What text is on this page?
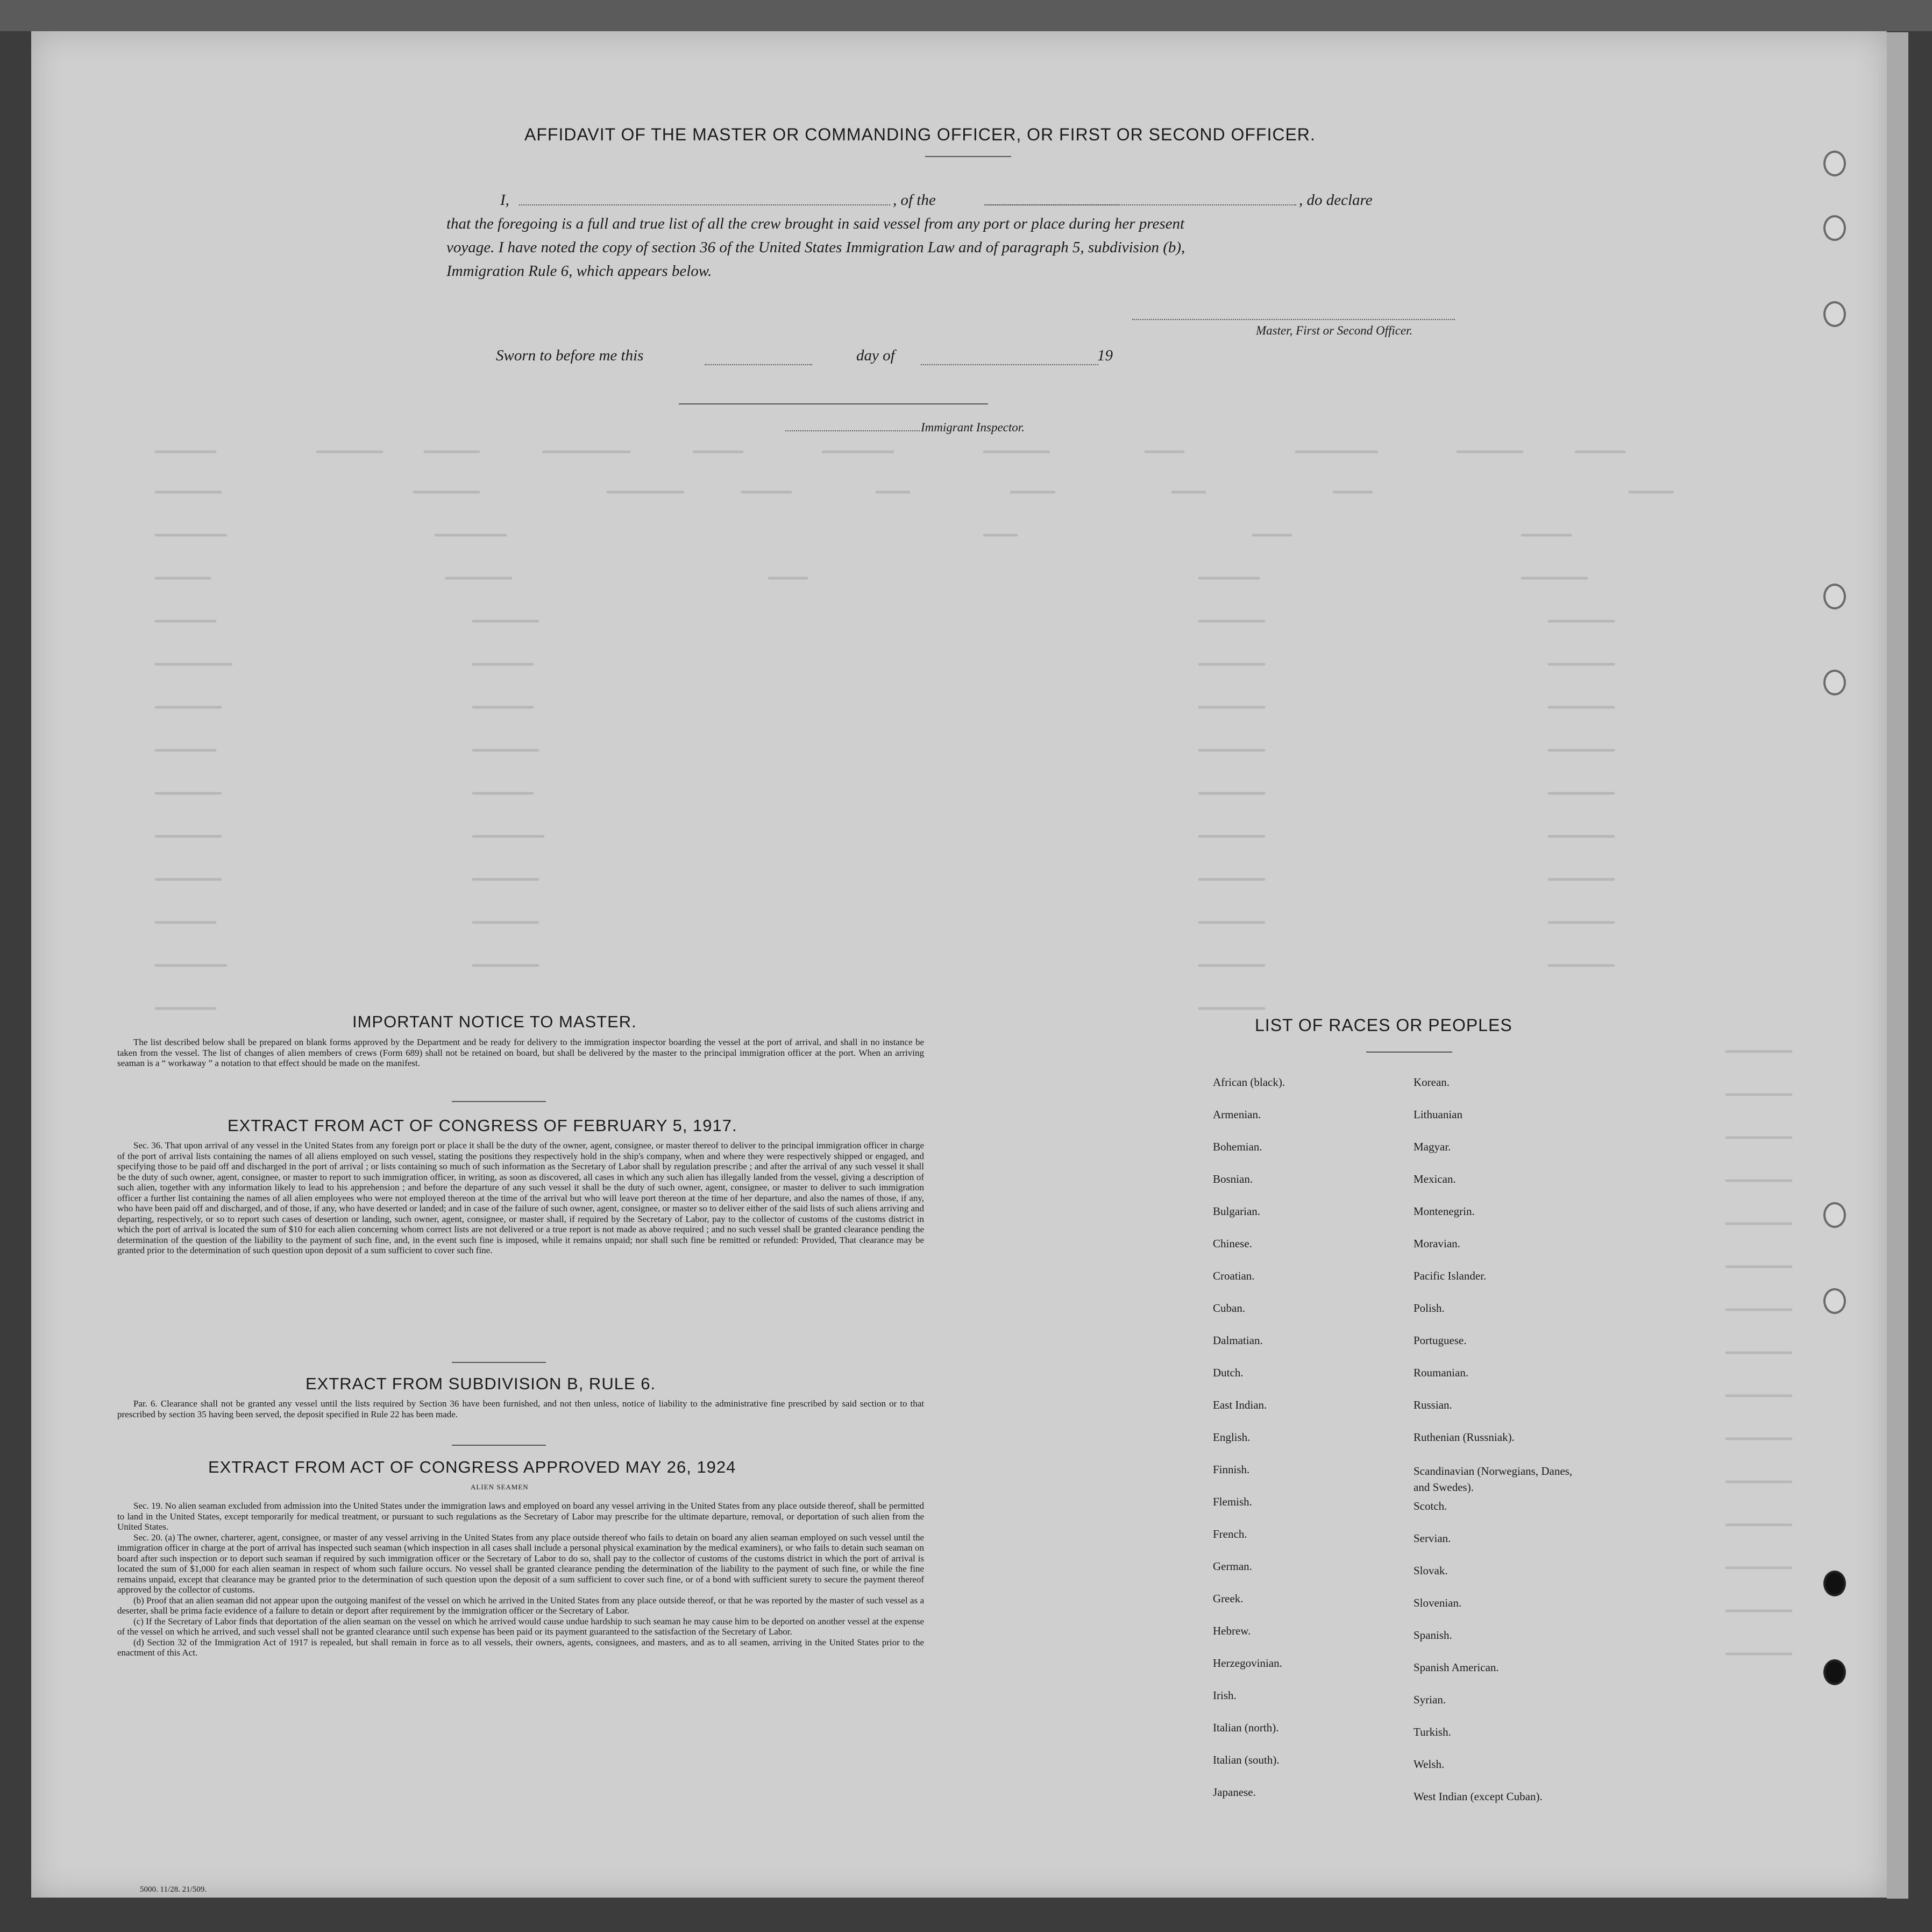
AFFIDAVIT OF THE MASTER OR COMMANDING OFFICER, OR FIRST OR SECOND OFFICER.

I,	, of the	, do declare

that the foregoing is a full and true list of all the crew brought in said vessel from any port or place during her present

voyage. I have noted the copy of section 36 of the United States Immigration Law and of paragraph 5, subdivision (b),

Immigration Rule 6, which appears below.

Master, First or Second Officer.
Sworn to before me this	day of	19
Immigrant Inspector.
IMPORTANT NOTICE TO MASTER.

The list described below shall be prepared on blank forms approved by the Department and be ready for delivery to the immigration inspector boarding the vessel at the port of arrival, and shall in no instance be taken from the vessel. The list of changes of alien members of crews (Form 689) shall not be retained on board, but shall be delivered by the master to the principal immigration officer at the port. When an arriving seaman is a “ workaway ” a notation to that effect should be made on the manifest.

EXTRACT FROM ACT OF CONGRESS OF FEBRUARY 5, 1917.

Sec. 36. That upon arrival of any vessel in the United States from any foreign port or place it shall be the duty of the owner, agent, consignee, or master thereof to deliver to the principal immigration officer in charge of the port of arrival lists containing the names of all aliens employed on such vessel, stating the positions they respectively hold in the ship's company, when and where they were respectively shipped or engaged, and specifying those to be paid off and discharged in the port of arrival ; or lists containing so much of such information as the Secretary of Labor shall by regulation prescribe ; and after the arrival of any such vessel it shall be the duty of such owner, agent, consignee, or master to report to such immigration officer, in writing, as soon as discovered, all cases in which any such alien has illegally landed from the vessel, giving a description of such alien, together with any information likely to lead to his apprehension ; and before the departure of any such vessel it shall be the duty of such owner, agent, consignee, or master to deliver to such immigration officer a further list containing the names of all alien employees who were not employed thereon at the time of the arrival but who will leave port thereon at the time of her departure, and also the names of those, if any, who have been paid off and discharged, and of those, if any, who have deserted or landed; and in case of the failure of such owner, agent, consignee, or master so to deliver either of the said lists of such aliens arriving and departing, respectively, or so to report such cases of desertion or landing, such owner, agent, consignee, or master shall, if required by the Secretary of Labor, pay to the collector of customs of the customs district in which the port of arrival is located the sum of $10 for each alien concerning whom correct lists are not delivered or a true report is not made as above required ; and no such vessel shall be granted clearance pending the determination of the question of the liability to the payment of such fine, and, in the event such fine is imposed, while it remains unpaid; nor shall such fine be remitted or refunded: Provided, That clearance may be granted prior to the determination of such question upon deposit of a sum sufficient to cover such fine.

EXTRACT FROM SUBDIVISION B, RULE 6.

Par. 6. Clearance shall not be granted any vessel until the lists required by Section 36 have been furnished, and not then unless, notice of liability to the administrative fine prescribed by said section or to that prescribed by section 35 having been served, the deposit specified in Rule 22 has been made.

EXTRACT FROM ACT OF CONGRESS APPROVED MAY 26, 1924
ALIEN SEAMEN

Sec. 19. No alien seaman excluded from admission into the United States under the immigration laws and employed on board any vessel arriving in the United States from any place outside thereof, shall be permitted to land in the United States, except temporarily for medical treatment, or pursuant to such regulations as the Secretary of Labor may prescribe for the ultimate departure, removal, or deportation of such alien from the United States.

Sec. 20. (a) The owner, charterer, agent, consignee, or master of any vessel arriving in the United States from any place outside thereof who fails to detain on board any alien seaman employed on such vessel until the immigration officer in charge at the port of arrival has inspected such seaman (which inspection in all cases shall include a personal physical examination by the medical examiners), or who fails to detain such seaman on board after such inspection or to deport such seaman if required by such immigration officer or the Secretary of Labor to do so, shall pay to the collector of customs of the customs district in which the port of arrival is located the sum of $1,000 for each alien seaman in respect of whom such failure occurs. No vessel shall be granted clearance pending the determination of the liability to the payment of such fine, or while the fine remains unpaid, except that clearance may be granted prior to the determination of such question upon the deposit of a sum sufficient to cover such fine, or of a bond with sufficient surety to secure the payment thereof approved by the collector of customs.

(b) Proof that an alien seaman did not appear upon the outgoing manifest of the vessel on which he arrived in the United States from any place outside thereof, or that he was reported by the master of such vessel as a deserter, shall be prima facie evidence of a failure to detain or deport after requirement by the immigration officer or the Secretary of Labor.

(c) If the Secretary of Labor finds that deportation of the alien seaman on the vessel on which he arrived would cause undue hardship to such seaman he may cause him to be deported on another vessel at the expense of the vessel on which he arrived, and such vessel shall not be granted clearance until such expense has been paid or its payment guaranteed to the satisfaction of the Secretary of Labor.

(d) Section 32 of the Immigration Act of 1917 is repealed, but shall remain in force as to all vessels, their owners, agents, consignees, and masters, and as to all seamen, arriving in the United States prior to the enactment of this Act.

LIST OF RACES OR PEOPLES
African (black).
Armenian.
Bohemian.
Bosnian.
Bulgarian.
Chinese.
Croatian.
Cuban.
Dalmatian.
Dutch.
East Indian.
English.
Finnish.
Flemish.
French.
German.
Greek.
Hebrew.
Herzegovinian.
Irish.
Italian (north).
Italian (south).
Japanese.
Korean.
Lithuanian
Magyar.
Mexican.
Montenegrin.
Moravian.
Pacific Islander.
Polish.
Portuguese.
Roumanian.
Russian.
Ruthenian (Russniak).
Scandinavian (Norwegians, Danes, and Swedes).
Scotch.
Servian.
Slovak.
Slovenian.
Spanish.
Spanish American.
Syrian.
Turkish.
Welsh.
West Indian (except Cuban).
5000. 11/28. 21/509.
